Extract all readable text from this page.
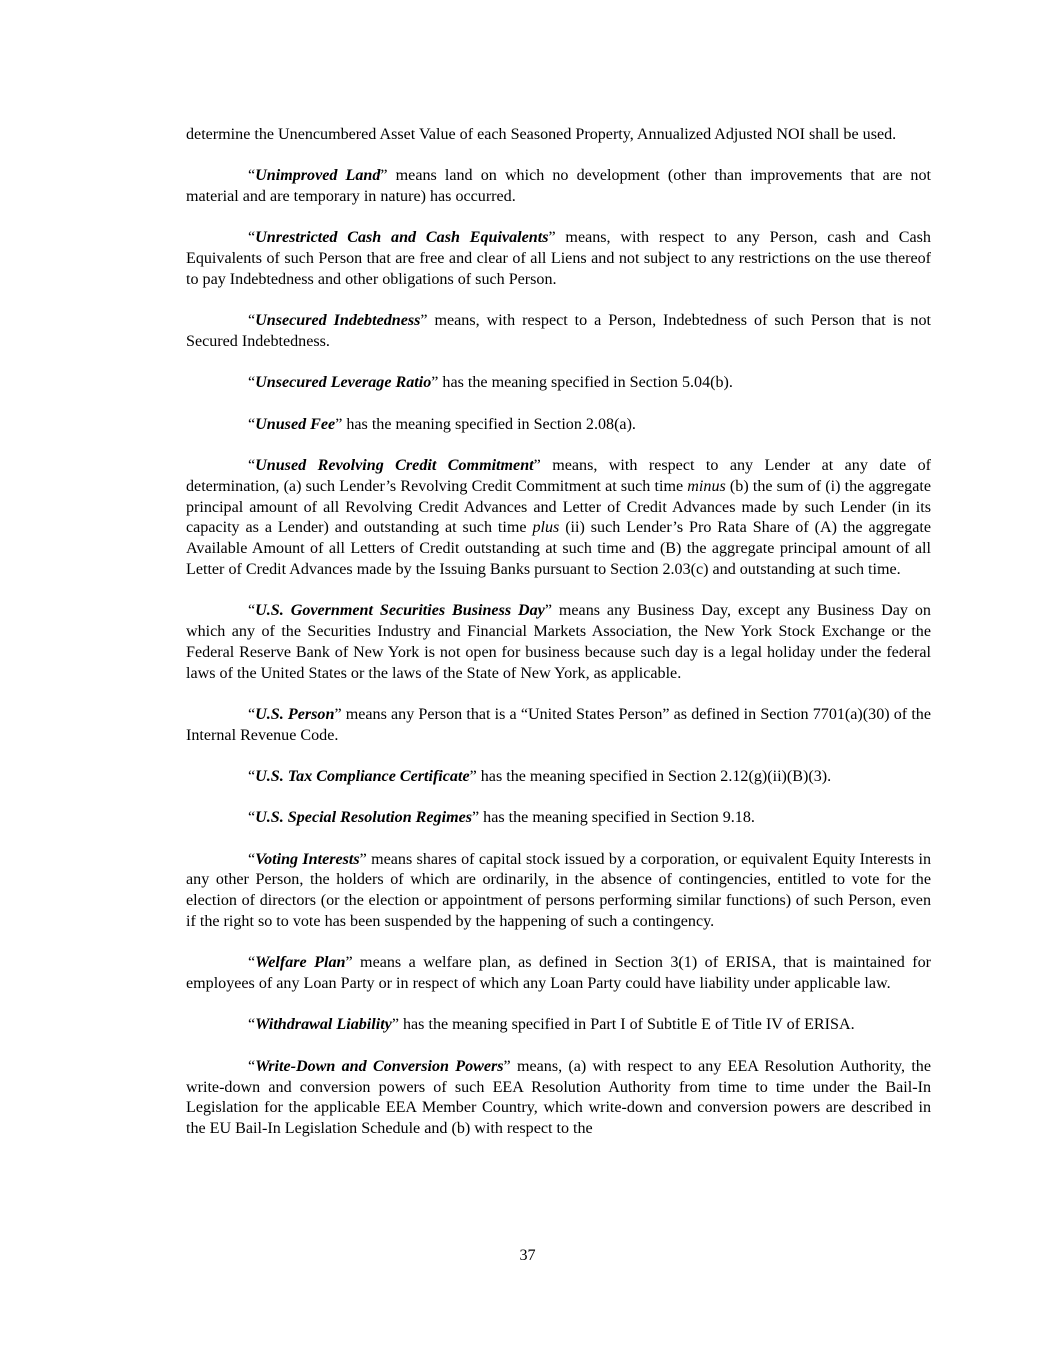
determine the Unencumbered Asset Value of each Seasoned Property, Annualized Adjusted NOI shall be used.

“Unimproved Land” means land on which no development (other than improvements that are not material and are temporary in nature) has occurred.

“Unrestricted Cash and Cash Equivalents” means, with respect to any Person, cash and Cash Equivalents of such Person that are free and clear of all Liens and not subject to any restrictions on the use thereof to pay Indebtedness and other obligations of such Person.

“Unsecured Indebtedness” means, with respect to a Person, Indebtedness of such Person that is not Secured Indebtedness.

“Unsecured Leverage Ratio” has the meaning specified in Section 5.04(b).

“Unused Fee” has the meaning specified in Section 2.08(a).

“Unused Revolving Credit Commitment” means, with respect to any Lender at any date of determination, (a) such Lender’s Revolving Credit Commitment at such time minus (b) the sum of (i) the aggregate principal amount of all Revolving Credit Advances and Letter of Credit Advances made by such Lender (in its capacity as a Lender) and outstanding at such time plus (ii) such Lender’s Pro Rata Share of (A) the aggregate Available Amount of all Letters of Credit outstanding at such time and (B) the aggregate principal amount of all Letter of Credit Advances made by the Issuing Banks pursuant to Section 2.03(c) and outstanding at such time.

“U.S. Government Securities Business Day” means any Business Day, except any Business Day on which any of the Securities Industry and Financial Markets Association, the New York Stock Exchange or the Federal Reserve Bank of New York is not open for business because such day is a legal holiday under the federal laws of the United States or the laws of the State of New York, as applicable.

“U.S. Person” means any Person that is a “United States Person” as defined in Section 7701(a)(30) of the Internal Revenue Code.

“U.S. Tax Compliance Certificate” has the meaning specified in Section 2.12(g)(ii)(B)(3).

“U.S. Special Resolution Regimes” has the meaning specified in Section 9.18.

“Voting Interests” means shares of capital stock issued by a corporation, or equivalent Equity Interests in any other Person, the holders of which are ordinarily, in the absence of contingencies, entitled to vote for the election of directors (or the election or appointment of persons performing similar functions) of such Person, even if the right so to vote has been suspended by the happening of such a contingency.

“Welfare Plan” means a welfare plan, as defined in Section 3(1) of ERISA, that is maintained for employees of any Loan Party or in respect of which any Loan Party could have liability under applicable law.

“Withdrawal Liability” has the meaning specified in Part I of Subtitle E of Title IV of ERISA.

“Write-Down and Conversion Powers” means, (a) with respect to any EEA Resolution Authority, the write-down and conversion powers of such EEA Resolution Authority from time to time under the Bail-In Legislation for the applicable EEA Member Country, which write-down and conversion powers are described in the EU Bail-In Legislation Schedule and (b) with respect to the

37
